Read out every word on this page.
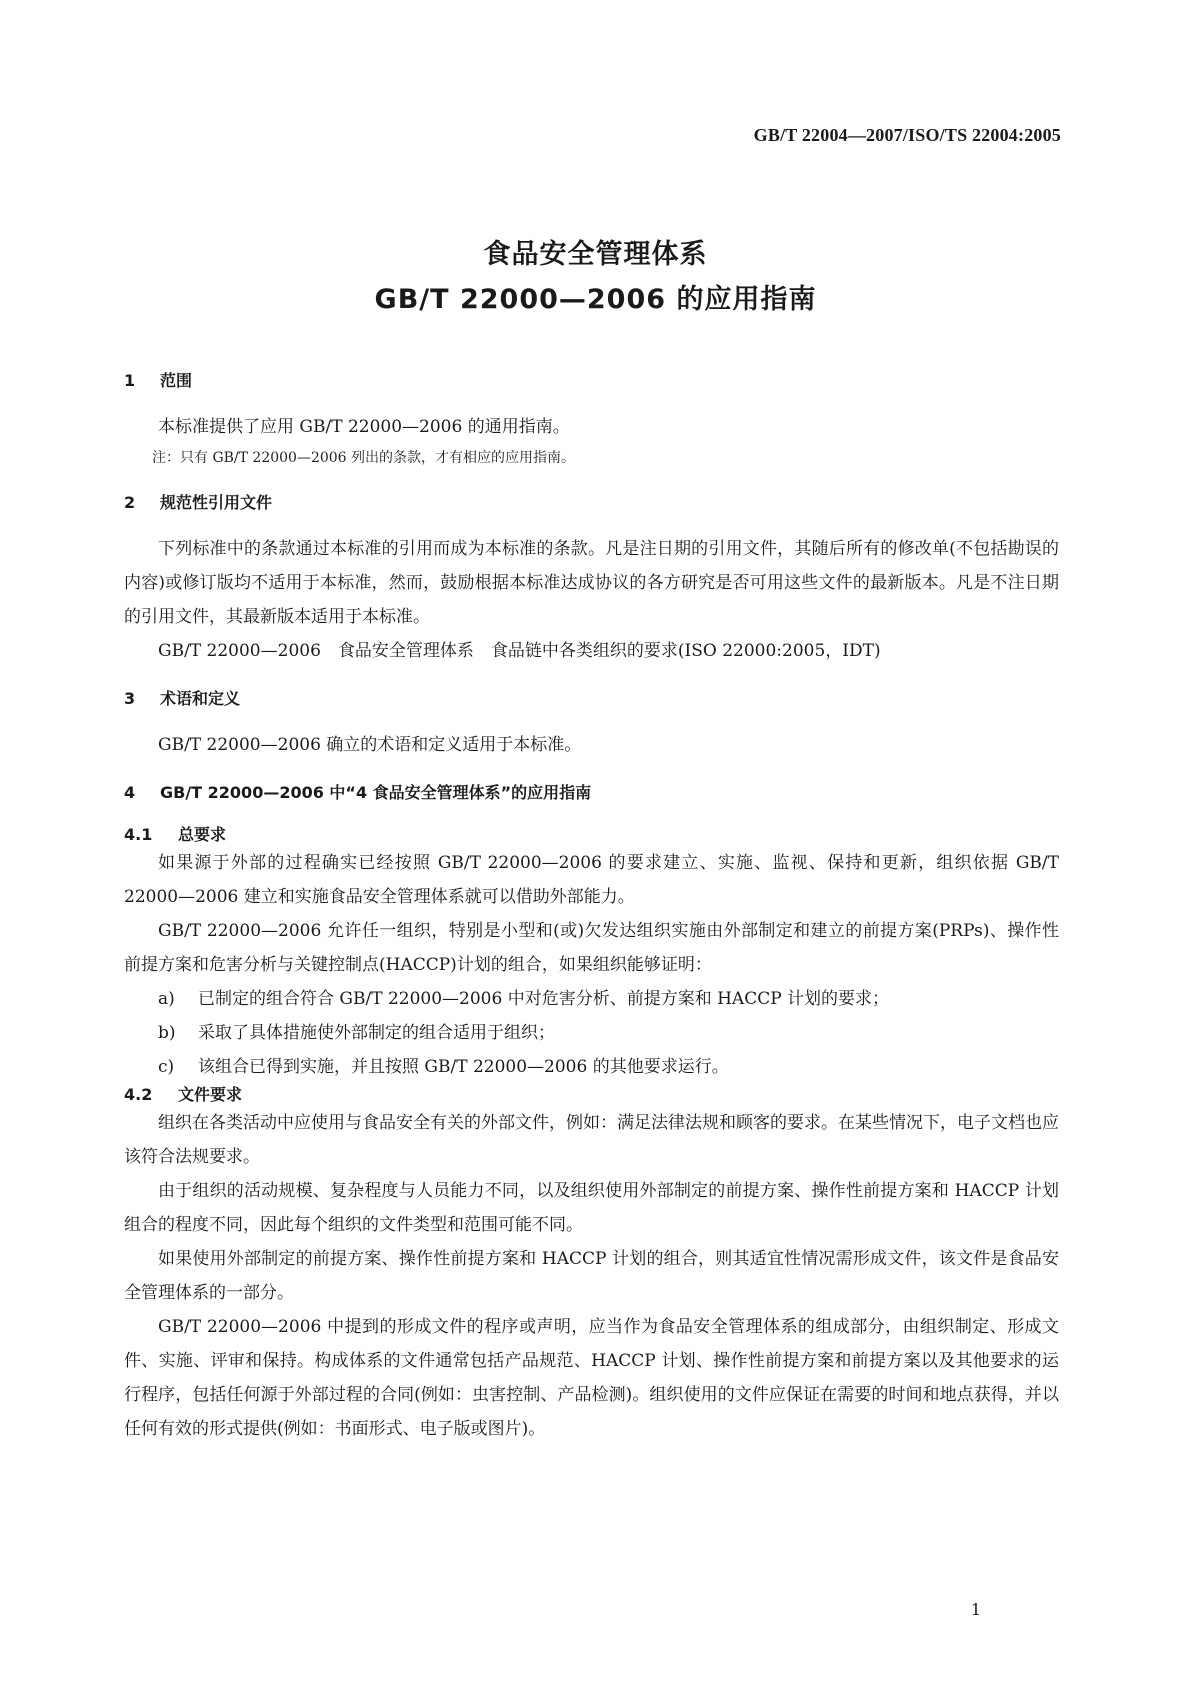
GB/T 22004—2007/ISO/TS 22004:2005
食品安全管理体系
GB/T 22000—2006 的应用指南
1 范围

本标准提供了应用 GB/T 22000—2006 的通用指南。

注：只有 GB/T 22000—2006 列出的条款，才有相应的应用指南。

2 规范性引用文件

下列标准中的条款通过本标准的引用而成为本标准的条款。凡是注日期的引用文件，其随后所有的修改单(不包括勘误的内容)或修订版均不适用于本标准，然而，鼓励根据本标准达成协议的各方研究是否可用这些文件的最新版本。凡是不注日期的引用文件，其最新版本适用于本标准。

GB/T 22000—2006　食品安全管理体系　食品链中各类组织的要求(ISO 22000:2005，IDT)

3 术语和定义

GB/T 22000—2006 确立的术语和定义适用于本标准。

4 GB/T 22000—2006 中“4 食品安全管理体系”的应用指南
4.1 总要求

如果源于外部的过程确实已经按照 GB/T 22000—2006 的要求建立、实施、监视、保持和更新，组织依据 GB/T 22000—2006 建立和实施食品安全管理体系就可以借助外部能力。

GB/T 22000—2006 允许任一组织，特别是小型和(或)欠发达组织实施由外部制定和建立的前提方案(PRPs)、操作性前提方案和危害分析与关键控制点(HACCP)计划的组合，如果组织能够证明：

a) 已制定的组合符合 GB/T 22000—2006 中对危害分析、前提方案和 HACCP 计划的要求；
b) 采取了具体措施使外部制定的组合适用于组织；
c) 该组合已得到实施，并且按照 GB/T 22000—2006 的其他要求运行。
4.2 文件要求

组织在各类活动中应使用与食品安全有关的外部文件，例如：满足法律法规和顾客的要求。在某些情况下，电子文档也应该符合法规要求。

由于组织的活动规模、复杂程度与人员能力不同，以及组织使用外部制定的前提方案、操作性前提方案和 HACCP 计划组合的程度不同，因此每个组织的文件类型和范围可能不同。

如果使用外部制定的前提方案、操作性前提方案和 HACCP 计划的组合，则其适宜性情况需形成文件，该文件是食品安全管理体系的一部分。

GB/T 22000—2006 中提到的形成文件的程序或声明，应当作为食品安全管理体系的组成部分，由组织制定、形成文件、实施、评审和保持。构成体系的文件通常包括产品规范、HACCP 计划、操作性前提方案和前提方案以及其他要求的运行程序，包括任何源于外部过程的合同(例如：虫害控制、产品检测)。组织使用的文件应保证在需要的时间和地点获得，并以任何有效的形式提供(例如：书面形式、电子版或图片)。

1
